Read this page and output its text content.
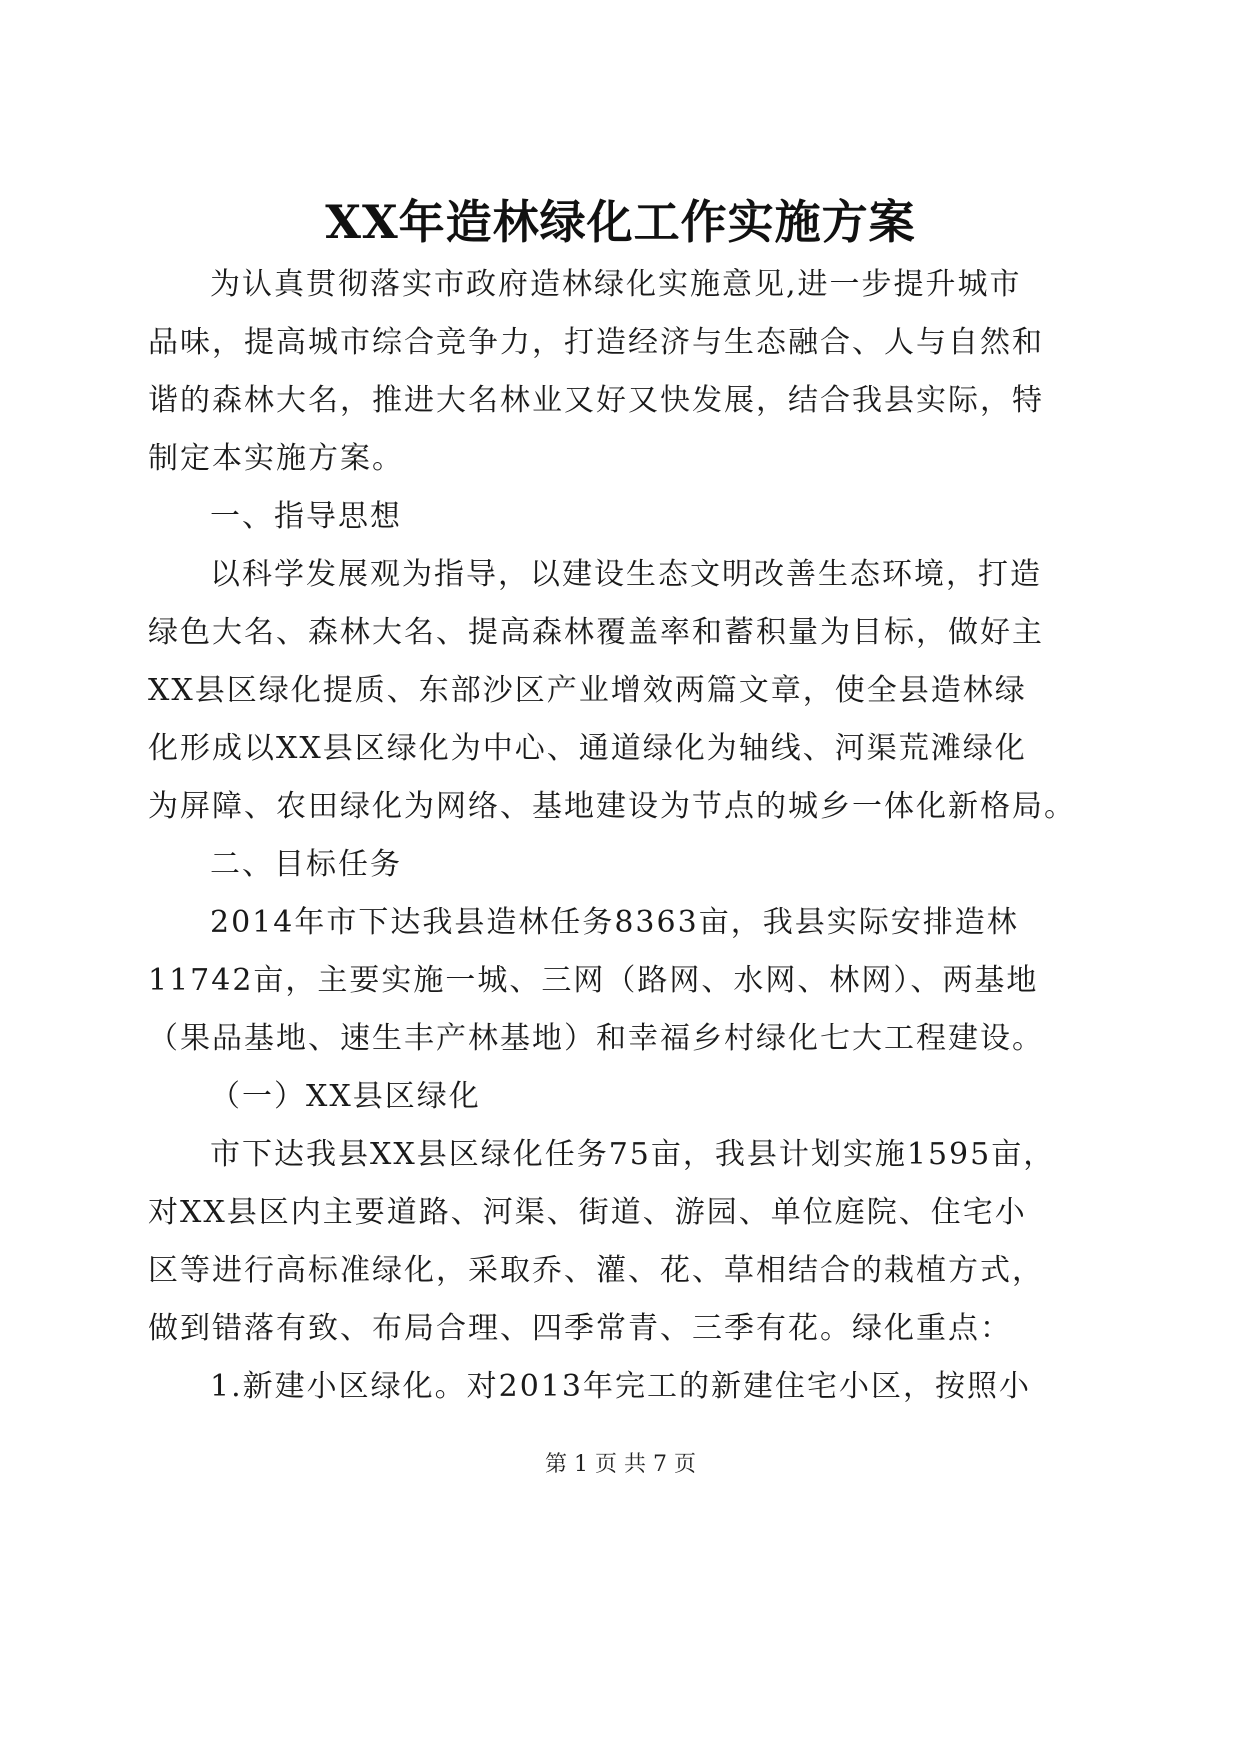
XX年造林绿化工作实施方案
为认真贯彻落实市政府造林绿化实施意见,进一步提升城市
品味，提高城市综合竞争力，打造经济与生态融合、人与自然和
谐的森林大名，推进大名林业又好又快发展，结合我县实际，特
制定本实施方案。
一、指导思想
以科学发展观为指导，以建设生态文明改善生态环境，打造
绿色大名、森林大名、提高森林覆盖率和蓄积量为目标，做好主
XX县区绿化提质、东部沙区产业增效两篇文章，使全县造林绿
化形成以XX县区绿化为中心、通道绿化为轴线、河渠荒滩绿化
为屏障、农田绿化为网络、基地建设为节点的城乡一体化新格局。
二、目标任务
2014年市下达我县造林任务8363亩，我县实际安排造林
11742亩，主要实施一城、三网（路网、水网、林网）、两基地
（果品基地、速生丰产林基地）和幸福乡村绿化七大工程建设。
（一）XX县区绿化
市下达我县XX县区绿化任务75亩，我县计划实施1595亩，
对XX县区内主要道路、河渠、街道、游园、单位庭院、住宅小
区等进行高标准绿化，采取乔、灌、花、草相结合的栽植方式，
做到错落有致、布局合理、四季常青、三季有花。绿化重点：
1.新建小区绿化。对2013年完工的新建住宅小区，按照小
第 1 页 共 7 页
